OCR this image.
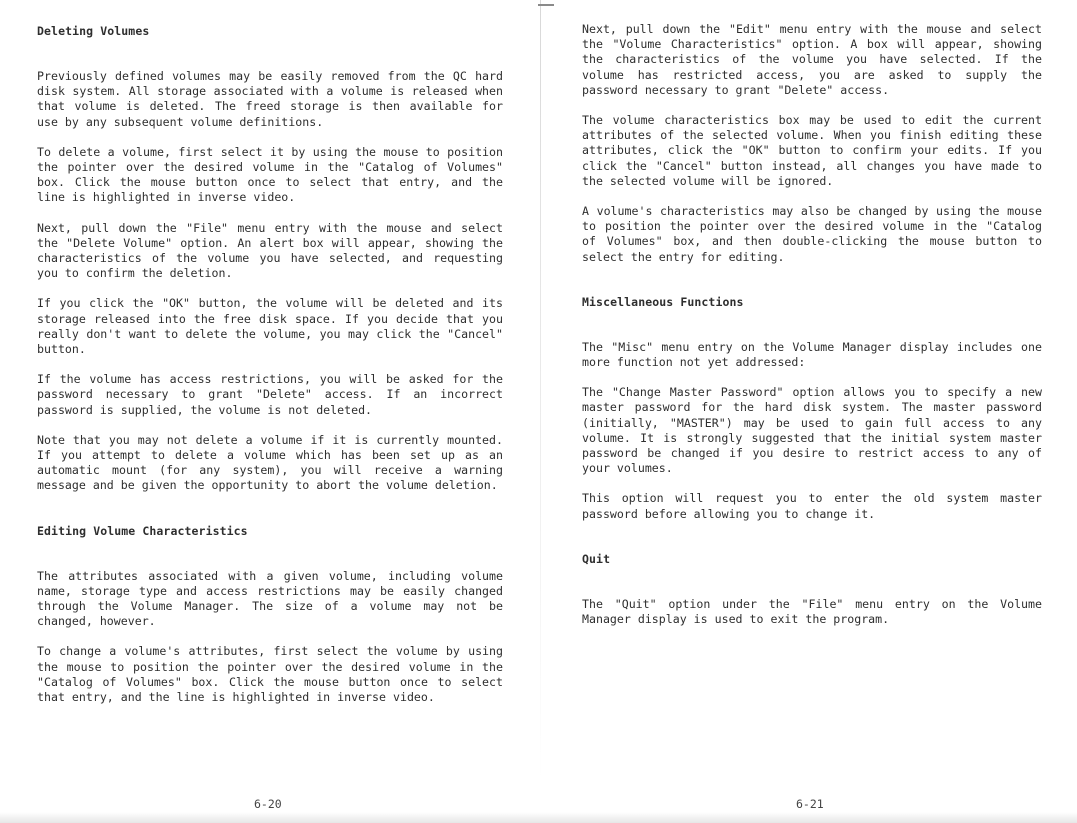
Deleting Volumes

Previously defined volumes may be easily removed from the QC hard disk system. All storage associated with a volume is released when that volume is deleted. The freed storage is then available for use by any subsequent volume definitions.

To delete a volume, first select it by using the mouse to position the pointer over the desired volume in the "Catalog of Volumes" box. Click the mouse button once to select that entry, and the line is highlighted in inverse video.

Next, pull down the "File" menu entry with the mouse and select the "Delete Volume" option. An alert box will appear, showing the characteristics of the volume you have selected, and requesting you to confirm the deletion.

If you click the "OK" button, the volume will be deleted and its storage released into the free disk space. If you decide that you really don't want to delete the volume, you may click the "Cancel" button.

If the volume has access restrictions, you will be asked for the password necessary to grant "Delete" access. If an incorrect password is supplied, the volume is not deleted.

Note that you may not delete a volume if it is currently mounted. If you attempt to delete a volume which has been set up as an automatic mount (for any system), you will receive a warning message and be given the opportunity to abort the volume deletion.

Editing Volume Characteristics

The attributes associated with a given volume, including volume name, storage type and access restrictions may be easily changed through the Volume Manager. The size of a volume may not be changed, however.

To change a volume's attributes, first select the volume by using the mouse to position the pointer over the desired volume in the "Catalog of Volumes" box. Click the mouse button once to select that entry, and the line is highlighted in inverse video.

6-20

Next, pull down the "Edit" menu entry with the mouse and select the "Volume Characteristics" option. A box will appear, showing the characteristics of the volume you have selected. If the volume has restricted access, you are asked to supply the password necessary to grant "Delete" access.

The volume characteristics box may be used to edit the current attributes of the selected volume. When you finish editing these attributes, click the "OK" button to confirm your edits. If you click the "Cancel" button instead, all changes you have made to the selected volume will be ignored.

A volume's characteristics may also be changed by using the mouse to position the pointer over the desired volume in the "Catalog of Volumes" box, and then double-clicking the mouse button to select the entry for editing.

Miscellaneous Functions

The "Misc" menu entry on the Volume Manager display includes one more function not yet addressed:

The "Change Master Password" option allows you to specify a new master password for the hard disk system. The master password (initially, "MASTER") may be used to gain full access to any volume. It is strongly suggested that the initial system master password be changed if you desire to restrict access to any of your volumes.

This option will request you to enter the old system master password before allowing you to change it.

Quit

The "Quit" option under the "File" menu entry on the Volume Manager display is used to exit the program.

6-21
